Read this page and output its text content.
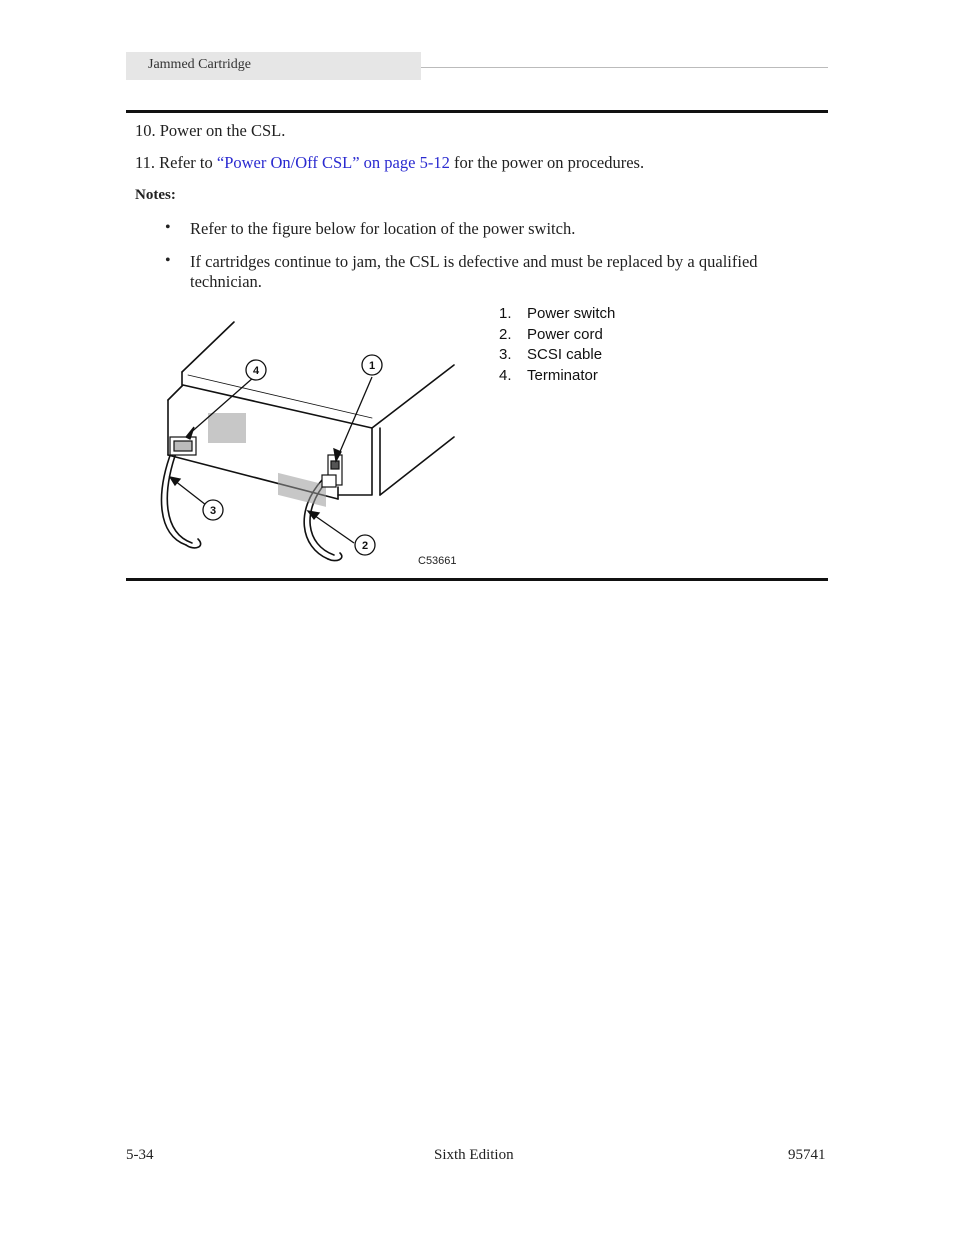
Jammed Cartridge
10. Power on the CSL.
11. Refer to “Power On/Off CSL” on page 5-12 for the power on procedures.
Notes:
• Refer to the figure below for location of the power switch.
• If cartridges continue to jam, the CSL is defective and must be replaced by a qualified
technician.
4	1
3
2
C53661
1.	Power switch
2.	Power cord
3.	SCSI cable
4.	Terminator
5-34	Sixth Edition	95741
